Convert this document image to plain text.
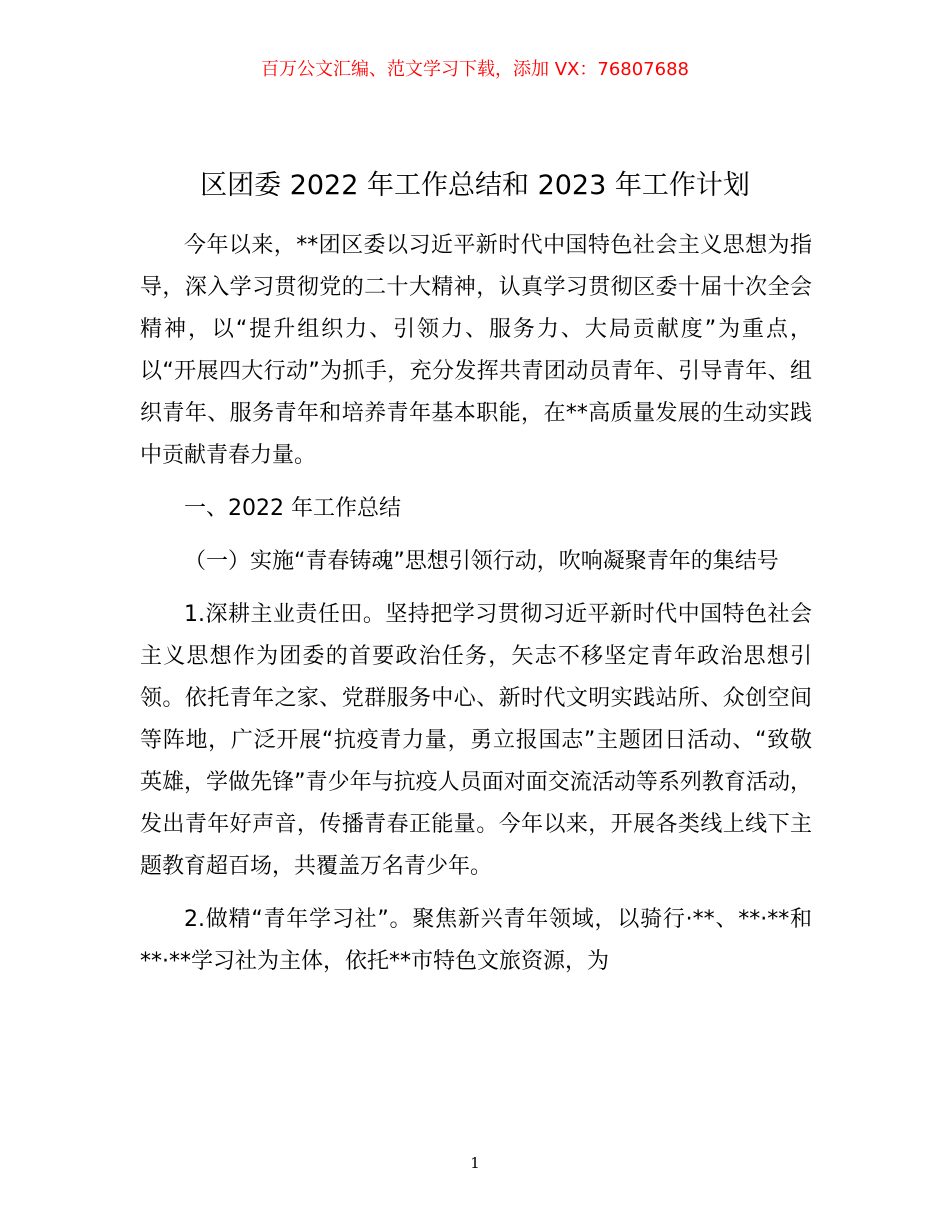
百万公文汇编、范文学习下载，添加 VX：76807688
区团委 2022 年工作总结和 2023 年工作计划

今年以来，**团区委以习近平新时代中国特色社会主义思想为指导，深入学习贯彻党的二十大精神，认真学习贯彻区委十届十次全会精神，以“提升组织力、引领力、服务力、大局贡献度”为重点，以“开展四大行动”为抓手，充分发挥共青团动员青年、引导青年、组织青年、服务青年和培养青年基本职能，在**高质量发展的生动实践中贡献青春力量。

一、2022 年工作总结

（一）实施“青春铸魂”思想引领行动，吹响凝聚青年的集结号

1.深耕主业责任田。坚持把学习贯彻习近平新时代中国特色社会主义思想作为团委的首要政治任务，矢志不移坚定青年政治思想引领。依托青年之家、党群服务中心、新时代文明实践站所、众创空间等阵地，广泛开展“抗疫青力量，勇立报国志”主题团日活动、“致敬英雄，学做先锋”青少年与抗疫人员面对面交流活动等系列教育活动，发出青年好声音，传播青春正能量。今年以来，开展各类线上线下主题教育超百场，共覆盖万名青少年。

2.做精“青年学习社”。聚焦新兴青年领域，以骑行·**、**·**和**·**学习社为主体，依托**市特色文旅资源，为

1
